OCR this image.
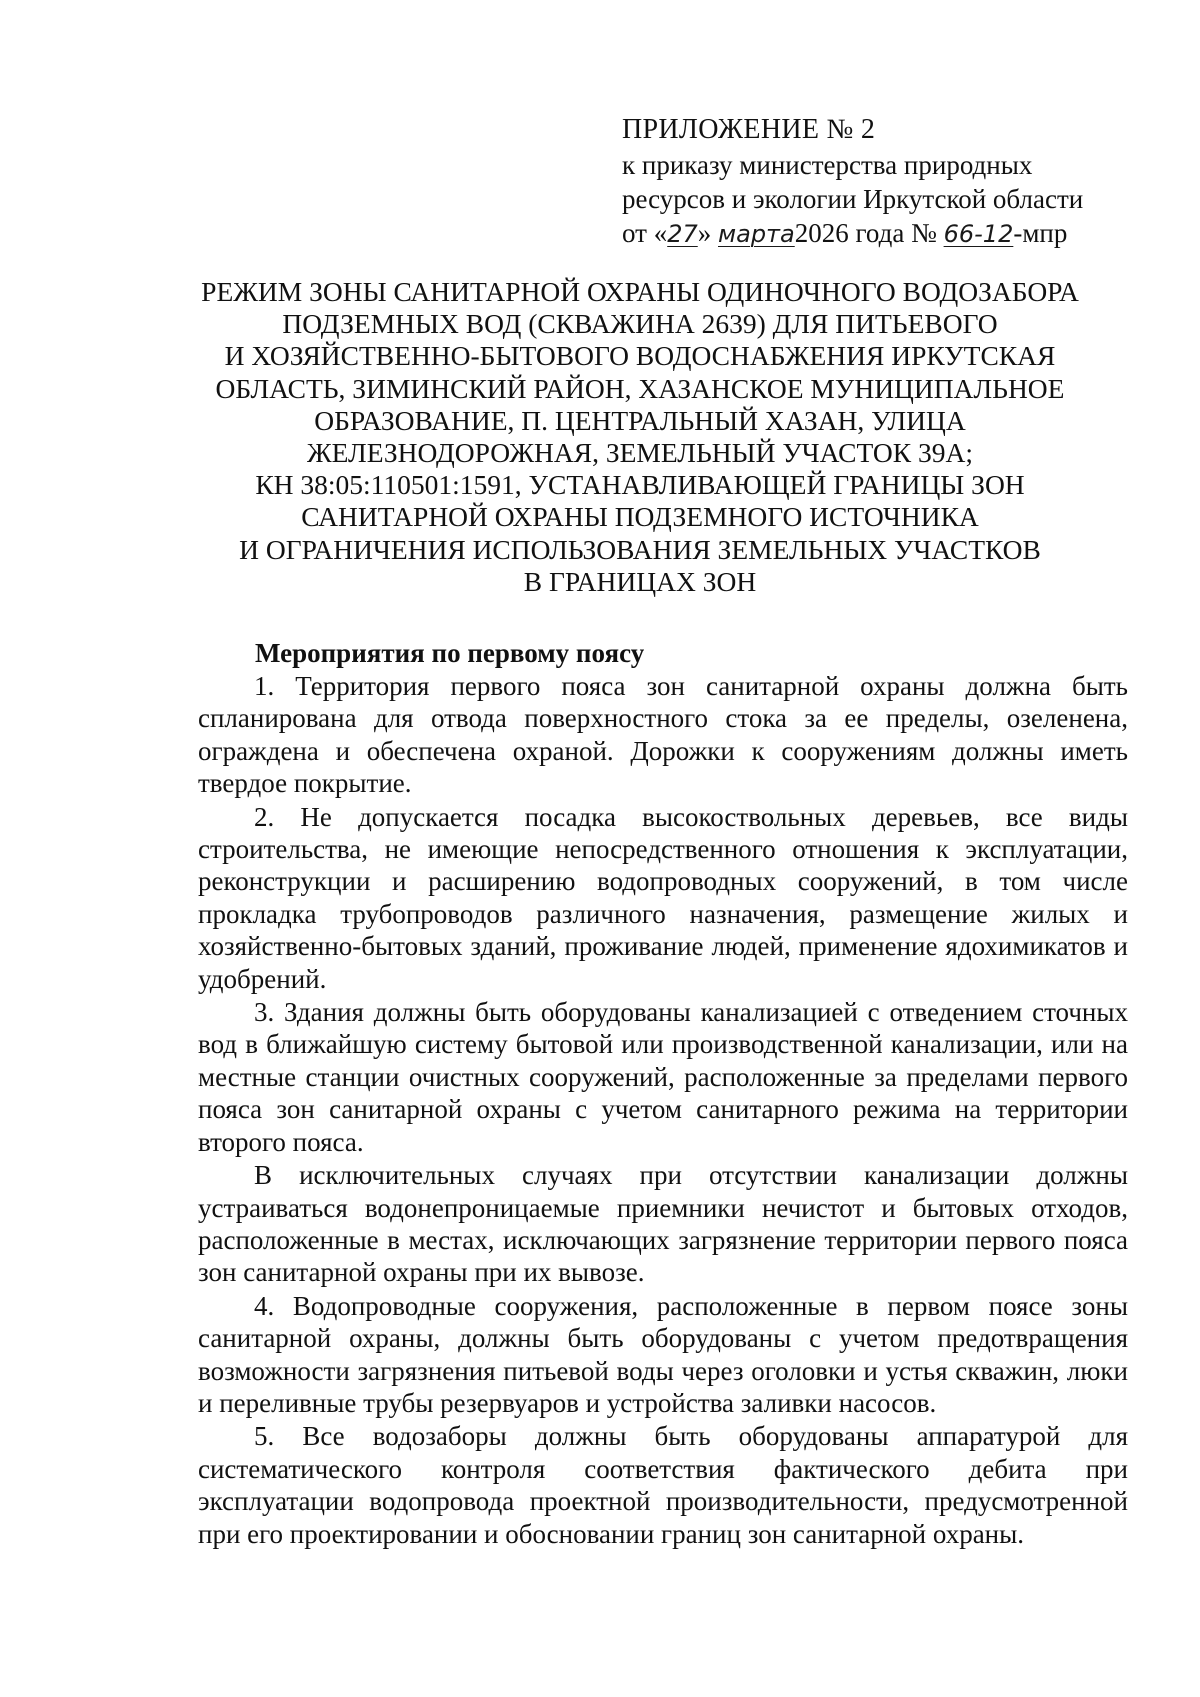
ПРИЛОЖЕНИЕ № 2
к приказу министерства природных
ресурсов и экологии Иркутской области
от «27» марта2026 года № 66-12-мпр
РЕЖИМ ЗОНЫ САНИТАРНОЙ ОХРАНЫ ОДИНОЧНОГО ВОДОЗАБОРА
ПОДЗЕМНЫХ ВОД (СКВАЖИНА 2639) ДЛЯ ПИТЬЕВОГО
И ХОЗЯЙСТВЕННО-БЫТОВОГО ВОДОСНАБЖЕНИЯ ИРКУТСКАЯ
ОБЛАСТЬ, ЗИМИНСКИЙ РАЙОН, ХАЗАНСКОЕ МУНИЦИПАЛЬНОЕ
ОБРАЗОВАНИЕ, П. ЦЕНТРАЛЬНЫЙ ХАЗАН, УЛИЦА
ЖЕЛЕЗНОДОРОЖНАЯ, ЗЕМЕЛЬНЫЙ УЧАСТОК 39А;
КН 38:05:110501:1591, УСТАНАВЛИВАЮЩЕЙ ГРАНИЦЫ ЗОН
САНИТАРНОЙ ОХРАНЫ ПОДЗЕМНОГО ИСТОЧНИКА
И ОГРАНИЧЕНИЯ ИСПОЛЬЗОВАНИЯ ЗЕМЕЛЬНЫХ УЧАСТКОВ
В ГРАНИЦАХ ЗОН

Мероприятия по первому поясу

1. Территория первого пояса зон санитарной охраны должна быть спланирована для отвода поверхностного стока за ее пределы, озеленена, ограждена и обеспечена охраной. Дорожки к сооружениям должны иметь твердое покрытие.

2. Не допускается посадка высокоствольных деревьев, все виды строительства, не имеющие непосредственного отношения к эксплуатации, реконструкции и расширению водопроводных сооружений, в том числе прокладка трубопроводов различного назначения, размещение жилых и хозяйственно-бытовых зданий, проживание людей, применение ядохимикатов и удобрений.

3. Здания должны быть оборудованы канализацией с отведением сточных вод в ближайшую систему бытовой или производственной канализации, или на местные станции очистных сооружений, расположенные за пределами первого пояса зон санитарной охраны с учетом санитарного режима на территории второго пояса.

В исключительных случаях при отсутствии канализации должны устраиваться водонепроницаемые приемники нечистот и бытовых отходов, расположенные в местах, исключающих загрязнение территории первого пояса зон санитарной охраны при их вывозе.

4. Водопроводные сооружения, расположенные в первом поясе зоны санитарной охраны, должны быть оборудованы с учетом предотвращения возможности загрязнения питьевой воды через оголовки и устья скважин, люки и переливные трубы резервуаров и устройства заливки насосов.

5. Все водозаборы должны быть оборудованы аппаратурой для систематического контроля соответствия фактического дебита при эксплуатации водопровода проектной производительности, предусмотренной при его проектировании и обосновании границ зон санитарной охраны.
